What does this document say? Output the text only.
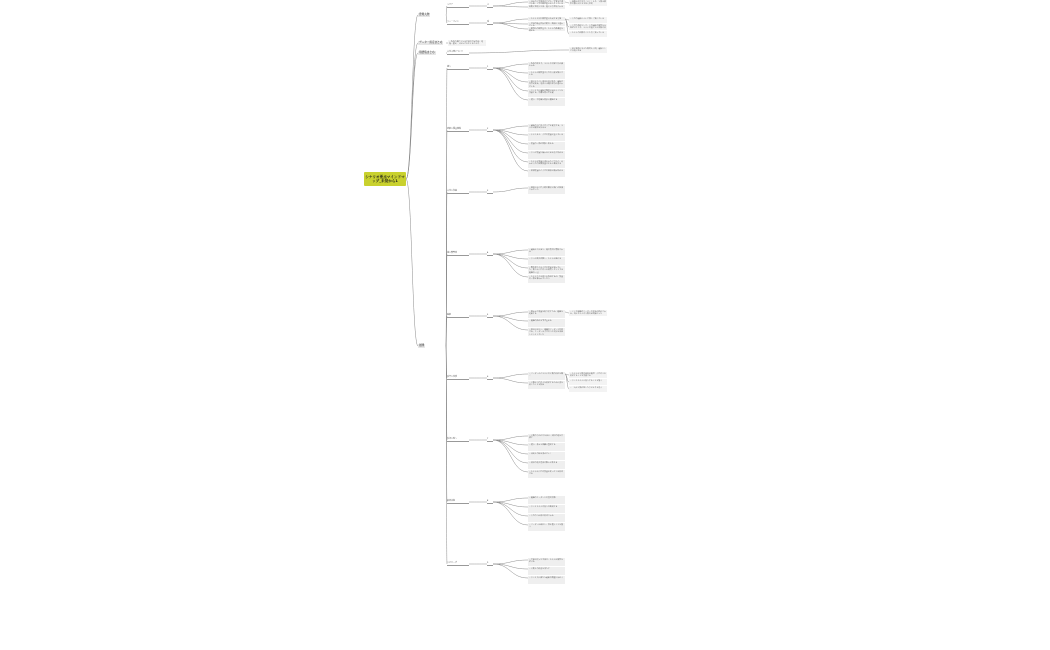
シナリオ要点マインドマップ_未発から1
登場人物
ルサナ	主
・ほかの大学教授の子ども、学者を目指
両親と死別した後、祖父に引き取られる
・母親は病気で早くに亡くなり、父親は研究の旅に出たまま行方不明
ラニ・フォン	副
・ルサナと同じ研究室に所属する先輩
・王国の騎士団長の娘で、剣術にも優れ
・研究所の研究員で、ルサナの指導役を務める
・古代の遺跡について詳しく調べている
・大学の教授として、古代遺跡の研究を長年続けており、ルサナの祖父とは旧知の仲
・ルサナの両親のことも良く知っている
データ・設定まとめ	・物語の舞台となる王国の基本設定、地理、歴史、文化などをまとめたもの
用語集まとめ	古代文明について
・数千年前に栄えた高度な文明。遺跡として各地に残る
展開
導入	1
・物語の始まり。ルサナの日常生活が描かれる
・ルサナが研究室で古代の文献を調べている
・祖父から古い地図を受け取り、遺跡の存在を知る。地図には謎の記号が書かれている
・ラニと共に遺跡の調査に向かうことを決意する。準備を整えて出発
・道中、不思議な現象に遭遇する
遺跡の調査開始	2
・遺跡の入口で古代文字を発見する。ルサナが解読を試みる
・中に入ると、古代の装置が並んでいる
・装置の一部が作動し始める
・ラニが装置に触れると光を放ち始める
・ルサナは装置に書かれた文字から、それが古代の記録装置であると推測する
・記録装置から古代の映像が流れ始める
古代の記録	3
・映像には古代文明の繁栄と滅亡が記録されていた
謎の襲撃者	4
・遺跡から出ると、謎の集団に襲撃される
・ラニが剣で応戦し、ルサナは逃げる
・襲撃者たちは古代の装置を狙っていた。彼らは古代の力を利用しようとする組織の一員
・ルサナたちは何とか撃退するが、装置の一部を奪われてしまう
追跡	5
・奪われた装置を取り戻すため、組織を追跡する
・組織の拠点を突き止める
・拠点に潜入し、組織のリーダーと対面する。リーダーは古代の力で世界を支配しようとしていた
・ここで組織のリーダーの正体が明かされる。実はルサナの父親の元同僚だった
真実の発覚	6
・リーダーからルサナの父親の消息を聞く
・父親は古代の力を封印するために姿を消したことを知る
・ルサナは父親の意志を継ぎ、古代の力を封印することを決意する
・ラニもルサナに協力することを誓う
・二人は父親が残した手がかりを追う
封印の地へ	7
・父親の手がかりを元に、封印の地を目指す
・道中、様々な困難に直面する
・仲間との絆を深めていく
・封印の地で最後の戦いが始まる
・ルサナは古代の装置を使って力を封印する
最終決戦	8
・組織のリーダーとの最終決戦
・ラニとルサナの協力で勝利する
・古代の力は再び封印される
・リーダーは改心し、罪を償うことを誓う
エピローグ	9
・平和が戻った王国で、ルサナは研究を続ける
・父親との再会を果たす
・ラニと共に新たな遺跡の調査に向かう
